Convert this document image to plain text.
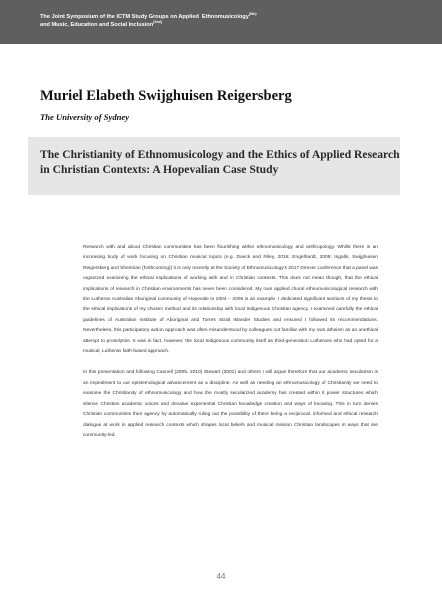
The Joint Symposium of the ICTM Study Groups on Applied Ethnomusicology$^{(6th)}$
and Music, Education and Social Inclusion$^{(2nd)}$
Muriel Elabeth Swijghuisen Reigersberg
The University of Sydney
The Christianity of Ethnomusicology and the Ethics of Applied Research in Christian Contexts: A Hopevalian Case Study

Research with and about Christian communities has been flourishing within ethnomusicology and anthropology. Whilst there is an increasing body of work focusing on Christian musical topics (e.g. Dueck and Riley, 2016; Engelhardt, 2009; Ingalls, Swijghuisen Reigersberg and Sherinian (forthcoming)) it is only recently at the Society of Ethnomusicology's 2017 Denver conference that a panel was organized examining the ethical implications of working with and in Christian contexts. This does not mean though, that the ethical implications of research in Christian environments has never been considered. My own applied choral ethnomusicological research with the Lutheran Australian Aboriginal community of Hopevale in 2004 – 2005 is an example. I dedicated significant sections of my thesis to the ethical implications of my chosen method and its relationship with local Indigenous Christian agency. I examined carefully the ethical guidelines of Australian Institute of Aboriginal and Torres Strait Islander Studies and ensured I followed its recommendations. Nevertheless, this participatory action approach was often misunderstood by colleagues not familiar with my own atheism as an unethical attempt to proselytize. It was in fact, however, the local Indigenous community itself as third-generation Lutherans who had opted for a musical, Lutheran faith-based approach.

In this presentation and following Cannell (2005, 2010) Stewart (2001) and others I will argue therefore that our academic secularism is an impediment to our epistemological advancement as a discipline. As well as needing an ethnomusicology of Christianity we need to examine the Christianity of ethnomusicology and how the mostly secularized academy has created within it power structures which silence Christian academic voices and devalue experiential Christian knowledge creation and ways of knowing. This in turn denies Christian communities their agency by automatically ruling out the possibility of there being a reciprocal, informed and ethical research dialogue at work in applied research contexts which shapes local beliefs and musical mission Christian landscapes in ways that are community-led.

44
